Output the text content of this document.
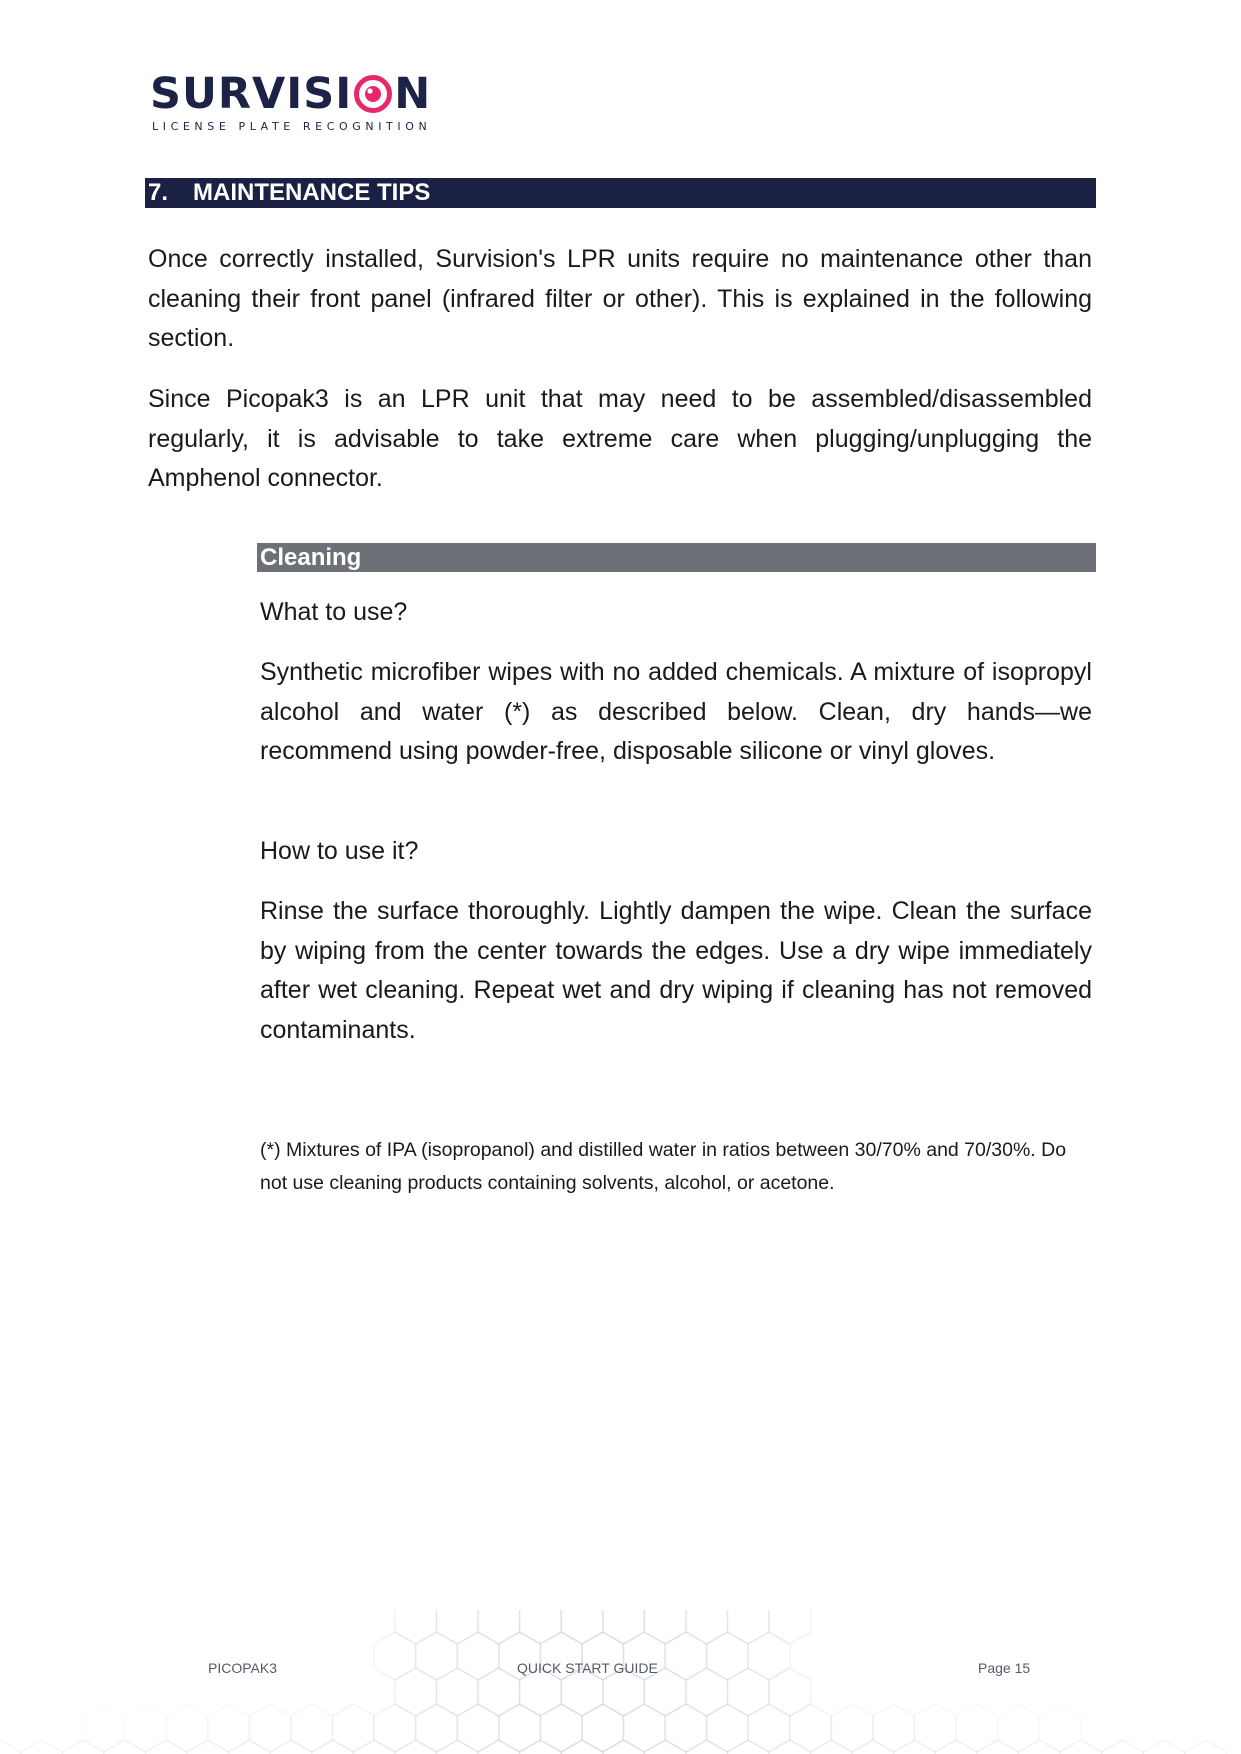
SURVISI N
LICENSE PLATE RECOGNITION
7. MAINTENANCE TIPS

Once correctly installed, Survision's LPR units require no maintenance other than cleaning their front panel (infrared filter or other). This is explained in the following section.

Since Picopak3 is an LPR unit that may need to be assembled/disassembled regularly, it is advisable to take extreme care when plugging/unplugging the Amphenol connector.

Cleaning

What to use?

Synthetic microfiber wipes with no added chemicals. A mixture of isopropyl alcohol and water (*) as described below. Clean, dry hands—we recommend using powder-free, disposable silicone or vinyl gloves.

How to use it?

Rinse the surface thoroughly. Lightly dampen the wipe. Clean the surface by wiping from the center towards the edges. Use a dry wipe immediately after wet cleaning. Repeat wet and dry wiping if cleaning has not removed contaminants.

(*) Mixtures of IPA (isopropanol) and distilled water in ratios between 30/70% and 70/30%. Do not use cleaning products containing solvents, alcohol, or acetone.

PICOPAK3	QUICK START GUIDE	Page 15
